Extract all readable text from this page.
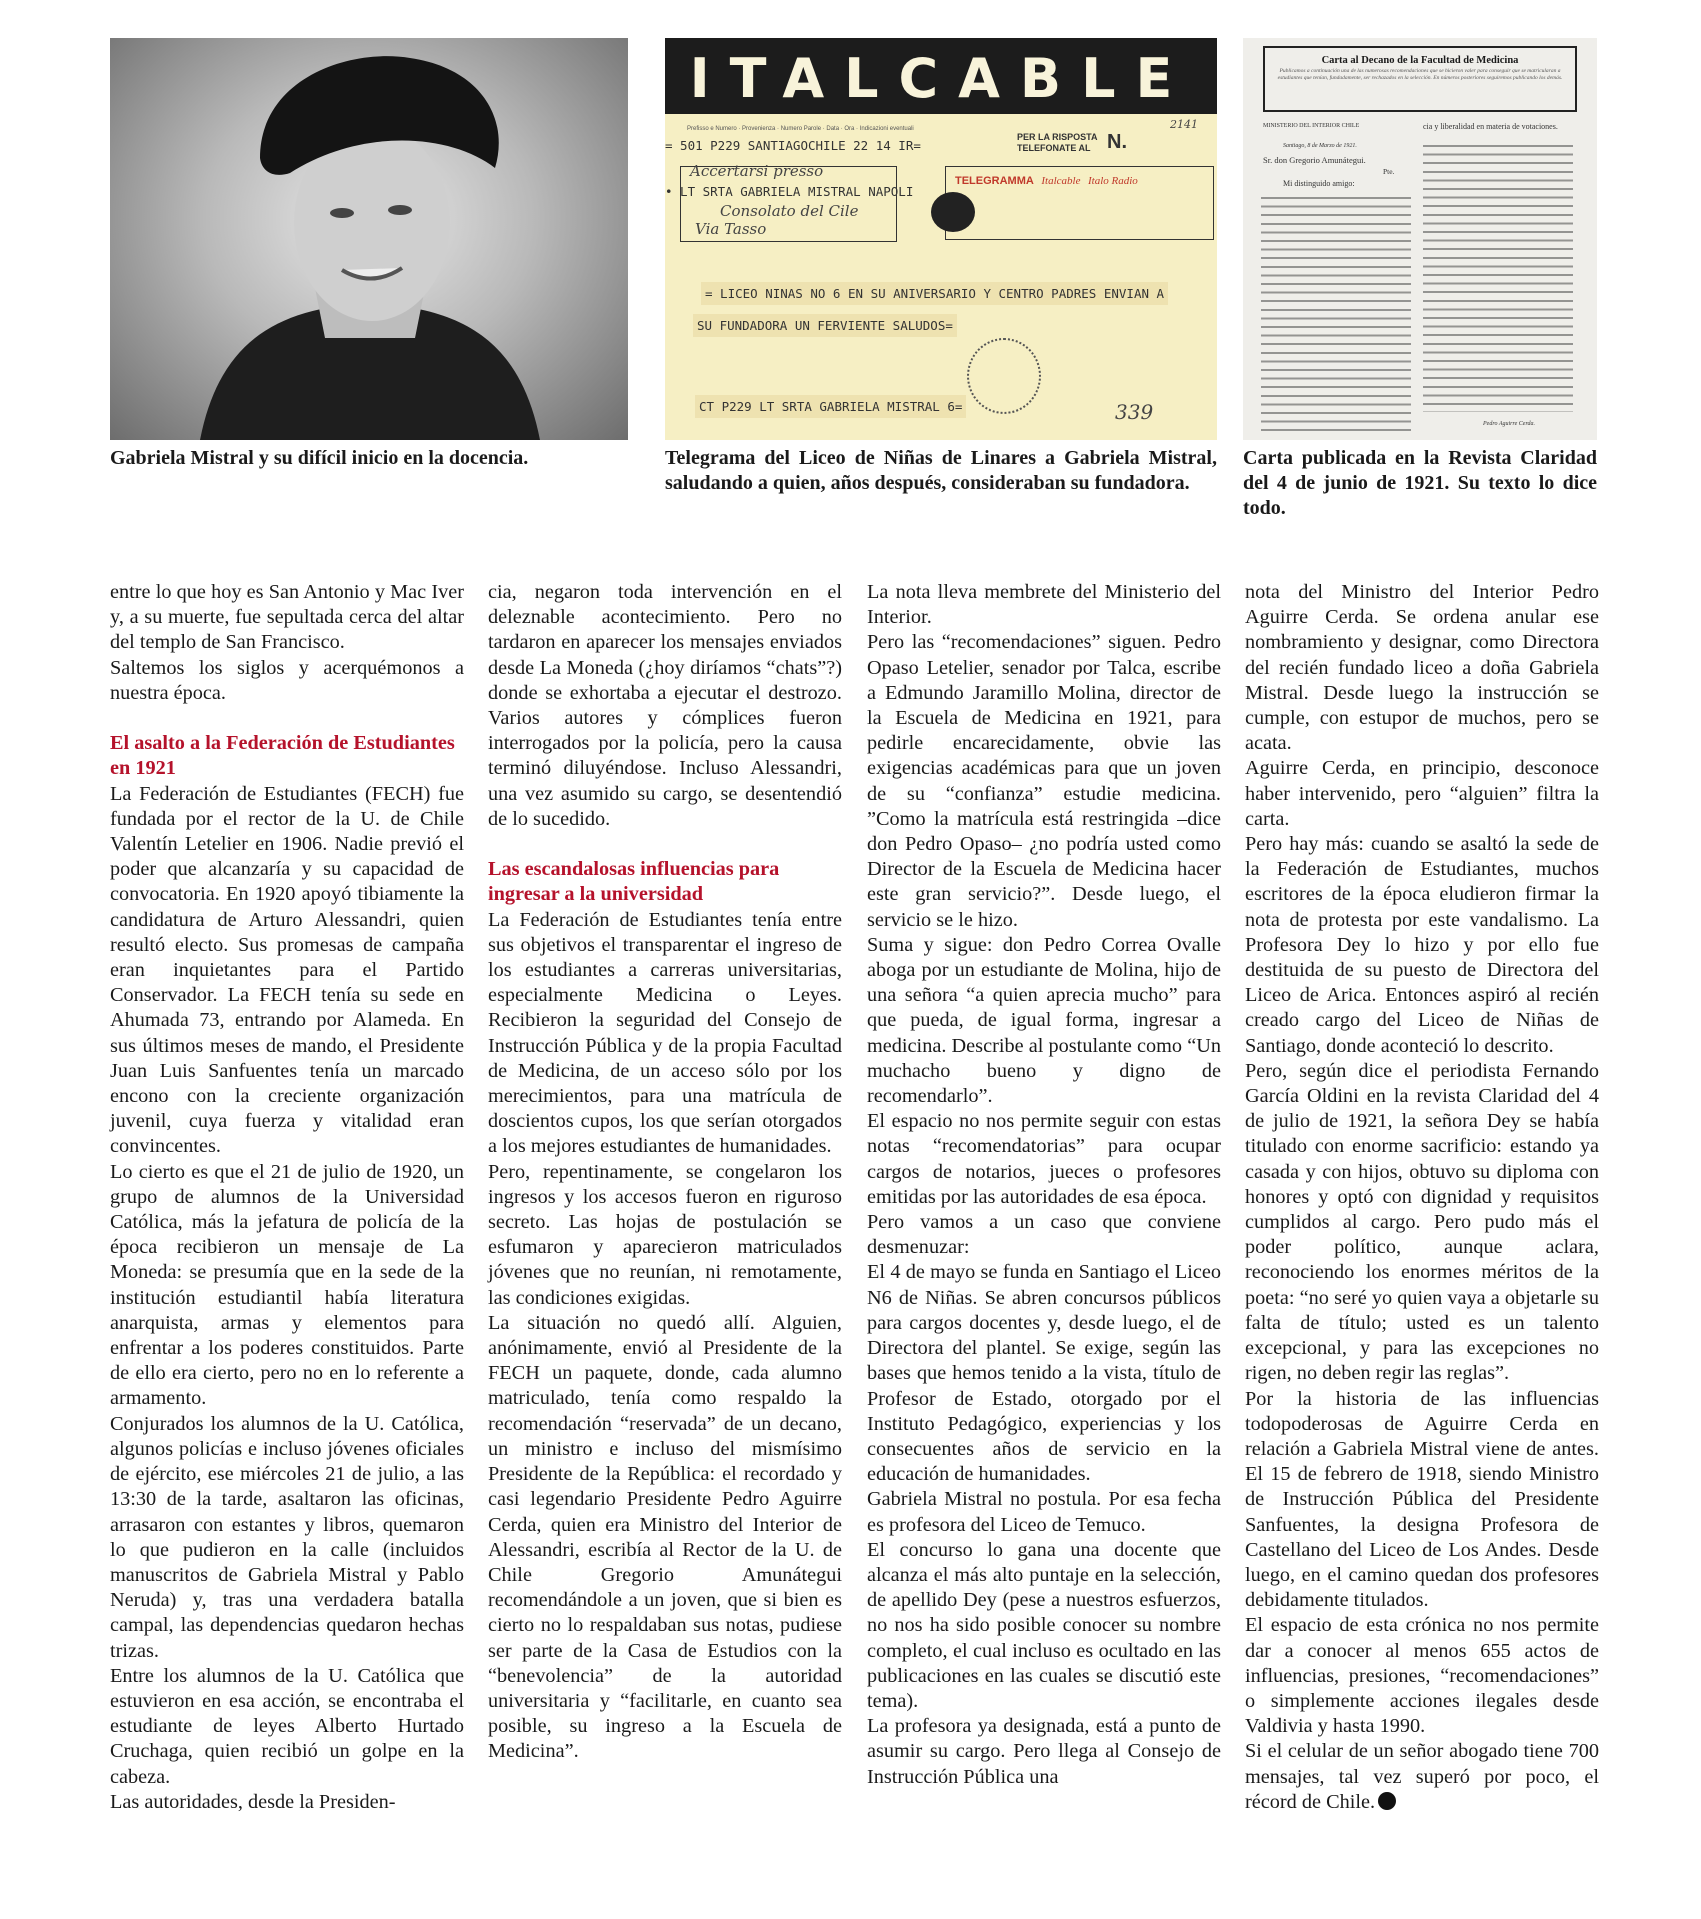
ITALCABLE
Prefisso e Numero · Provenienza · Numero Parole · Data · Ora · Indicazioni eventuali	2141
= 501 P229 SANTIAGOCHILE 22 14 IR=
PER LA RISPOSTA
TELEFONATE AL N.
Accertarsi presso
• LT SRTA GABRIELA MISTRAL NAPOLI
Consolato del Cile
Via Tasso
TELEGRAMMA Italcable Italo Radio
= LICEO NINAS NO 6 EN SU ANIVERSARIO Y CENTRO PADRES ENVIAN A
SU FUNDADORA UN FERVIENTE SALUDOS=
CT P229 LT SRTA GABRIELA MISTRAL 6=	339
Carta al Decano de la Facultad de Medicina
Publicamos a continuación una de las numerosas recomendaciones que se hicieron valer para conseguir que se matricularan a estudiantes que tenían, fundadamente, ser rechazados en la selección. En números posteriores seguiremos publicando los demás.
MINISTERIO DEL INTERIOR CHILE
Santiago, 8 de Marzo de 1921.
Sr. don Gregorio Amunátegui.
Pte.
Mi distinguido amigo:
cia y liberalidad en materia de votaciones.
Pedro Aguirre Cerda.
Gabriela Mistral y su difícil inicio en la docencia.	Telegrama del Liceo de Niñas de Linares a Gabriela Mistral, saludando a quien, años después, consideraban su fundadora.
Carta publicada en la Revista Claridad del 4 de junio de 1921. Su texto lo dice todo.

entre lo que hoy es San Antonio y Mac Iver y, a su muerte, fue sepultada cerca del altar del templo de San Francisco.

Saltemos los siglos y acerquémonos a nuestra época.

El asalto a la Federación de Estudiantes en 1921

La Federación de Estudiantes (FECH) fue fundada por el rector de la U. de Chile Valentín Letelier en 1906. Nadie previó el poder que alcanzaría y su capacidad de convocatoria. En 1920 apoyó tibiamente la candidatura de Arturo Alessandri, quien resultó electo. Sus promesas de campaña eran inquietantes para el Partido Conservador. La FECH tenía su sede en Ahumada 73, entrando por Alameda. En sus últimos meses de mando, el Presidente Juan Luis Sanfuentes tenía un marcado encono con la creciente organización juvenil, cuya fuerza y vitalidad eran convincentes.

Lo cierto es que el 21 de julio de 1920, un grupo de alumnos de la Universidad Católica, más la jefatura de policía de la época recibieron un mensaje de La Moneda: se presumía que en la sede de la institución estudiantil había literatura anarquista, armas y elementos para enfrentar a los poderes constituidos. Parte de ello era cierto, pero no en lo referente a armamento.

Conjurados los alumnos de la U. Católica, algunos policías e incluso jóvenes oficiales de ejército, ese miércoles 21 de julio, a las 13:30 de la tarde, asaltaron las oficinas, arrasaron con estantes y libros, quemaron lo que pudieron en la calle (incluidos manuscritos de Gabriela Mistral y Pablo Neruda) y, tras una verdadera batalla campal, las dependencias quedaron hechas trizas.

Entre los alumnos de la U. Católica que estuvieron en esa acción, se encontraba el estudiante de leyes Alberto Hurtado Cruchaga, quien recibió un golpe en la cabeza.

Las autoridades, desde la Presiden-

cia, negaron toda intervención en el deleznable acontecimiento. Pero no tardaron en aparecer los mensajes enviados desde La Moneda (¿hoy diríamos “chats”?) donde se exhortaba a ejecutar el destrozo. Varios autores y cómplices fueron interrogados por la policía, pero la causa terminó diluyéndose. Incluso Alessandri, una vez asumido su cargo, se desentendió de lo sucedido.

Las escandalosas influencias para ingresar a la universidad

La Federación de Estudiantes tenía entre sus objetivos el transparentar el ingreso de los estudiantes a carreras universitarias, especialmente Medicina o Leyes. Recibieron la seguridad del Consejo de Instrucción Pública y de la propia Facultad de Medicina, de un acceso sólo por los merecimientos, para una matrícula de doscientos cupos, los que serían otorgados a los mejores estudiantes de humanidades.

Pero, repentinamente, se congelaron los ingresos y los accesos fueron en riguroso secreto. Las hojas de postulación se esfumaron y aparecieron matriculados jóvenes que no reunían, ni remotamente, las condiciones exigidas.

La situación no quedó allí. Alguien, anónimamente, envió al Presidente de la FECH un paquete, donde, cada alumno matriculado, tenía como respaldo la recomendación “reservada” de un decano, un ministro e incluso del mismísimo Presidente de la República: el recordado y casi legendario Presidente Pedro Aguirre Cerda, quien era Ministro del Interior de Alessandri, escribía al Rector de la U. de Chile Gregorio Amunátegui recomendándole a un joven, que si bien es cierto no lo respaldaban sus notas, pudiese ser parte de la Casa de Estudios con la “benevolencia” de la autoridad universitaria y “facilitarle, en cuanto sea posible, su ingreso a la Escuela de Medicina”.

La nota lleva membrete del Ministerio del Interior.

Pero las “recomendaciones” siguen. Pedro Opaso Letelier, senador por Talca, escribe a Edmundo Jaramillo Molina, director de la Escuela de Medicina en 1921, para pedirle encarecidamente, obvie las exigencias académicas para que un joven de su “confianza” estudie medicina. ”Como la matrícula está restringida –dice don Pedro Opaso– ¿no podría usted como Director de la Escuela de Medicina hacer este gran servicio?”. Desde luego, el servicio se le hizo.

Suma y sigue: don Pedro Correa Ovalle aboga por un estudiante de Molina, hijo de una señora “a quien aprecia mucho” para que pueda, de igual forma, ingresar a medicina. Describe al postulante como “Un muchacho bueno y digno de recomendarlo”.

El espacio no nos permite seguir con estas notas “recomendatorias” para ocupar cargos de notarios, jueces o profesores emitidas por las autoridades de esa época.

Pero vamos a un caso que conviene desmenuzar:

El 4 de mayo se funda en Santiago el Liceo N6 de Niñas. Se abren concursos públicos para cargos docentes y, desde luego, el de Directora del plantel. Se exige, según las bases que hemos tenido a la vista, título de Profesor de Estado, otorgado por el Instituto Pedagógico, experiencias y los consecuentes años de servicio en la educación de humanidades.

Gabriela Mistral no postula. Por esa fecha es profesora del Liceo de Temuco.

El concurso lo gana una docente que alcanza el más alto puntaje en la selección, de apellido Dey (pese a nuestros esfuerzos, no nos ha sido posible conocer su nombre completo, el cual incluso es ocultado en las publicaciones en las cuales se discutió este tema).

La profesora ya designada, está a punto de asumir su cargo. Pero llega al Consejo de Instrucción Pública una

nota del Ministro del Interior Pedro Aguirre Cerda. Se ordena anular ese nombramiento y designar, como Directora del recién fundado liceo a doña Gabriela Mistral. Desde luego la instrucción se cumple, con estupor de muchos, pero se acata.

Aguirre Cerda, en principio, desconoce haber intervenido, pero “alguien” filtra la carta.

Pero hay más: cuando se asaltó la sede de la Federación de Estudiantes, muchos escritores de la época eludieron firmar la nota de protesta por este vandalismo. La Profesora Dey lo hizo y por ello fue destituida de su puesto de Directora del Liceo de Arica. Entonces aspiró al recién creado cargo del Liceo de Niñas de Santiago, donde aconteció lo descrito.

Pero, según dice el periodista Fernando García Oldini en la revista Claridad del 4 de julio de 1921, la señora Dey se había titulado con enorme sacrificio: estando ya casada y con hijos, obtuvo su diploma con honores y optó con dignidad y requisitos cumplidos al cargo. Pero pudo más el poder político, aunque aclara, reconociendo los enormes méritos de la poeta: “no seré yo quien vaya a objetarle su falta de título; usted es un talento excepcional, y para las excepciones no rigen, no deben regir las reglas”.

Por la historia de las influencias todopoderosas de Aguirre Cerda en relación a Gabriela Mistral viene de antes. El 15 de febrero de 1918, siendo Ministro de Instrucción Pública del Presidente Sanfuentes, la designa Profesora de Castellano del Liceo de Los Andes. Desde luego, en el camino quedan dos profesores debidamente titulados.

El espacio de esta crónica no nos permite dar a conocer al menos 655 actos de influencias, presiones, “recomendaciones” o simplemente acciones ilegales desde Valdivia y hasta 1990.

Si el celular de un señor abogado tiene 700 mensajes, tal vez superó por poco, el récord de Chile.
